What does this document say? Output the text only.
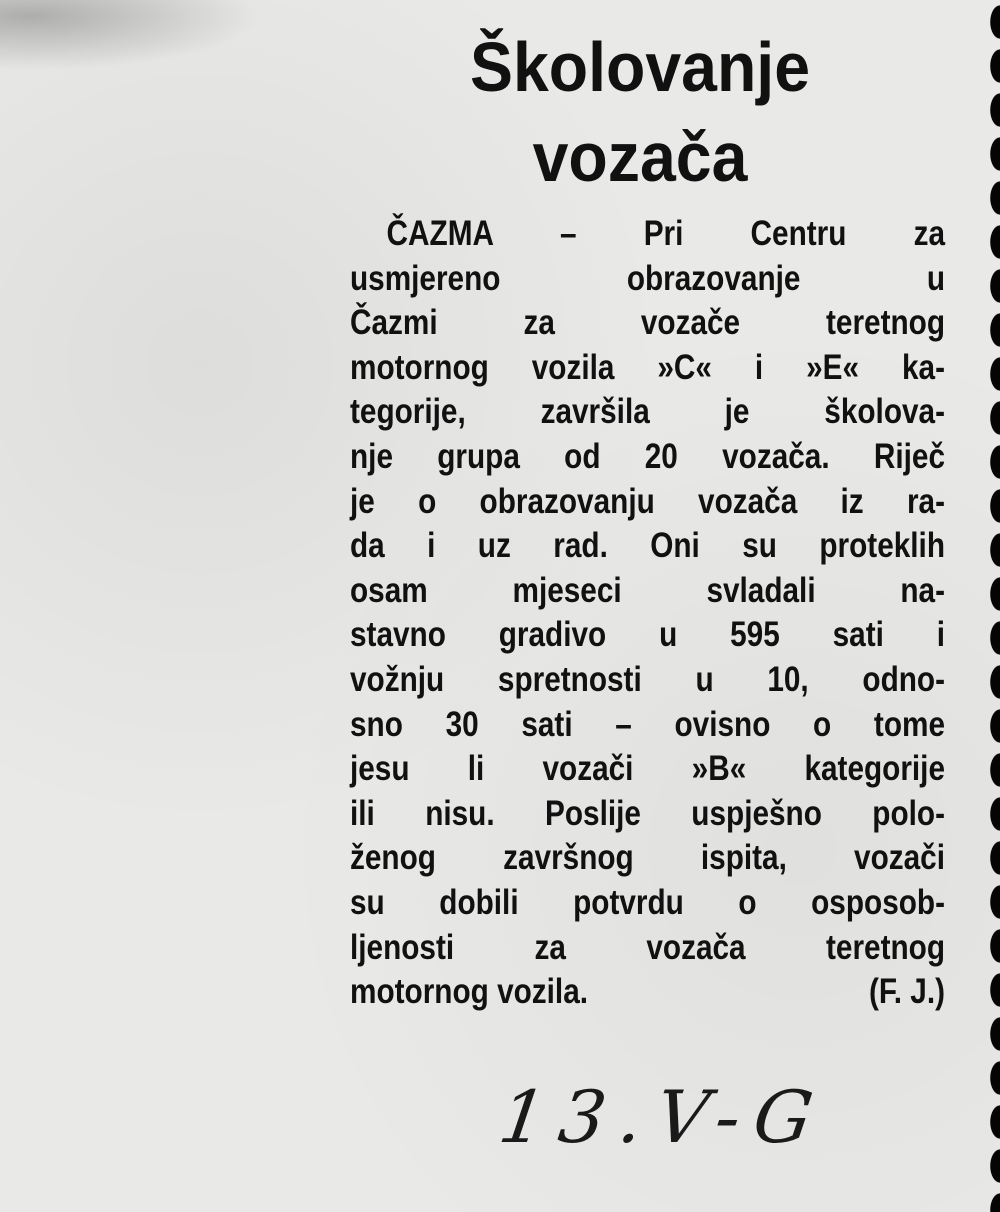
Školovanje
vozača
ČAZMA – Pri Centru za
usmjereno obrazovanje u
Čazmi za vozače teretnog
motornog vozila »C« i »E« ka-
tegorije, završila je školova-
nje grupa od 20 vozača. Riječ
je o obrazovanju vozača iz ra-
da i uz rad. Oni su proteklih
osam mjeseci svladali na-
stavno gradivo u 595 sati i
vožnju spretnosti u 10, odno-
sno 30 sati – ovisno o tome
jesu li vozači »B« kategorije
ili nisu. Poslije uspješno polo-
ženog završnog ispita, vozači
su dobili potvrdu o osposob-
ljenosti za vozača teretnog
motornog vozila.	(F. J.)
13.V-G
